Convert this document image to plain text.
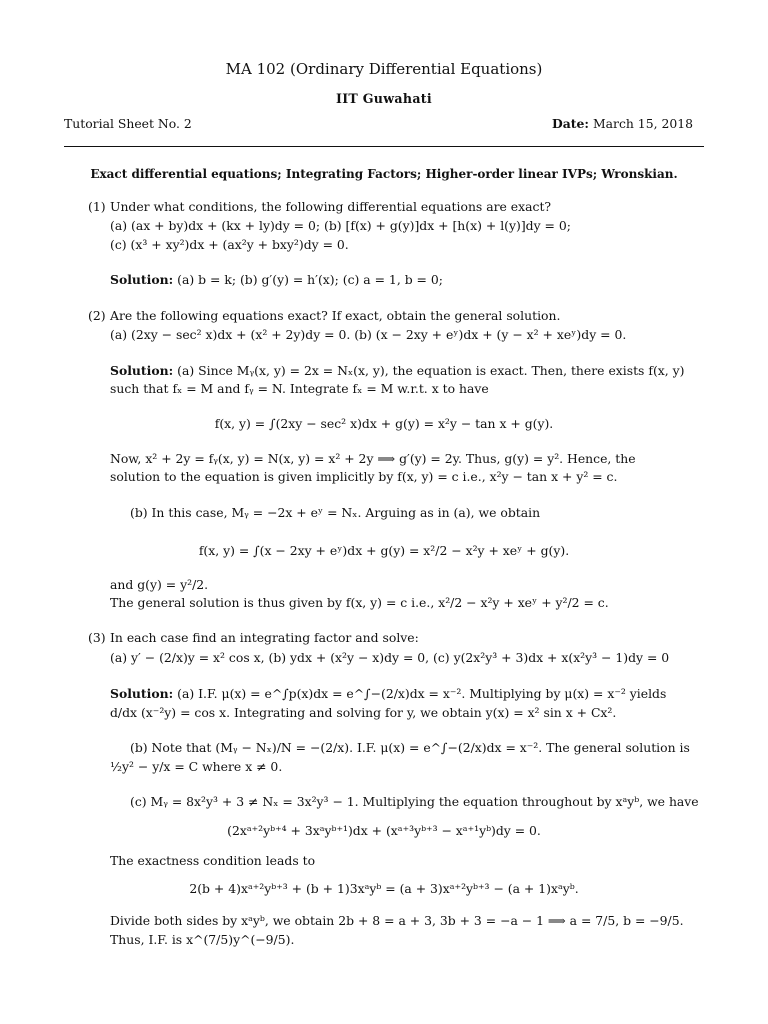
MA 102 (Ordinary Differential Equations)
IIT Guwahati
Tutorial Sheet No. 2	Date: March 15, 2018
Exact differential equations; Integrating Factors; Higher-order linear IVPs; Wronskian.
(1) Under what conditions, the following differential equations are exact?
(a) (ax + by)dx + (kx + ly)dy = 0; (b) [f(x) + g(y)]dx + [h(x) + l(y)]dy = 0;
(c) (x³ + xy²)dx + (ax²y + bxy²)dy = 0.
Solution: (a) b = k; (b) g′(y) = h′(x); (c) a = 1, b = 0;
(2) Are the following equations exact? If exact, obtain the general solution.
(a) (2xy − sec² x)dx + (x² + 2y)dy = 0. (b) (x − 2xy + eʸ)dx + (y − x² + xeʸ)dy = 0.
Solution: (a) Since Mᵧ(x, y) = 2x = Nₓ(x, y), the equation is exact. Then, there exists f(x, y)
such that fₓ = M and fᵧ = N. Integrate fₓ = M w.r.t. x to have
f(x, y) = ∫(2xy − sec² x)dx + g(y) = x²y − tan x + g(y).
Now, x² + 2y = fᵧ(x, y) = N(x, y) = x² + 2y ⟹ g′(y) = 2y. Thus, g(y) = y². Hence, the
solution to the equation is given implicitly by f(x, y) = c i.e., x²y − tan x + y² = c.
(b) In this case, Mᵧ = −2x + eʸ = Nₓ. Arguing as in (a), we obtain
f(x, y) = ∫(x − 2xy + eʸ)dx + g(y) = x²/2 − x²y + xeʸ + g(y).
and g(y) = y²/2.
The general solution is thus given by f(x, y) = c i.e., x²/2 − x²y + xeʸ + y²/2 = c.
(3) In each case find an integrating factor and solve:
(a) y′ − (2/x)y = x² cos x, (b) ydx + (x²y − x)dy = 0, (c) y(2x²y³ + 3)dx + x(x²y³ − 1)dy = 0
Solution: (a) I.F. μ(x) = e^∫p(x)dx = e^∫−(2/x)dx = x⁻². Multiplying by μ(x) = x⁻² yields
d/dx (x⁻²y) = cos x. Integrating and solving for y, we obtain y(x) = x² sin x + Cx².
(b) Note that (Mᵧ − Nₓ)/N = −(2/x). I.F. μ(x) = e^∫−(2/x)dx = x⁻². The general solution is
½y² − y/x = C where x ≠ 0.
(c) Mᵧ = 8x²y³ + 3 ≠ Nₓ = 3x²y³ − 1. Multiplying the equation throughout by xᵃyᵇ, we have
(2xᵃ⁺²yᵇ⁺⁴ + 3xᵃyᵇ⁺¹)dx + (xᵃ⁺³yᵇ⁺³ − xᵃ⁺¹yᵇ)dy = 0.
The exactness condition leads to
2(b + 4)xᵃ⁺²yᵇ⁺³ + (b + 1)3xᵃyᵇ = (a + 3)xᵃ⁺²yᵇ⁺³ − (a + 1)xᵃyᵇ.
Divide both sides by xᵃyᵇ, we obtain 2b + 8 = a + 3, 3b + 3 = −a − 1 ⟹ a = 7/5, b = −9/5.
Thus, I.F. is x^(7/5)y^(−9/5).
